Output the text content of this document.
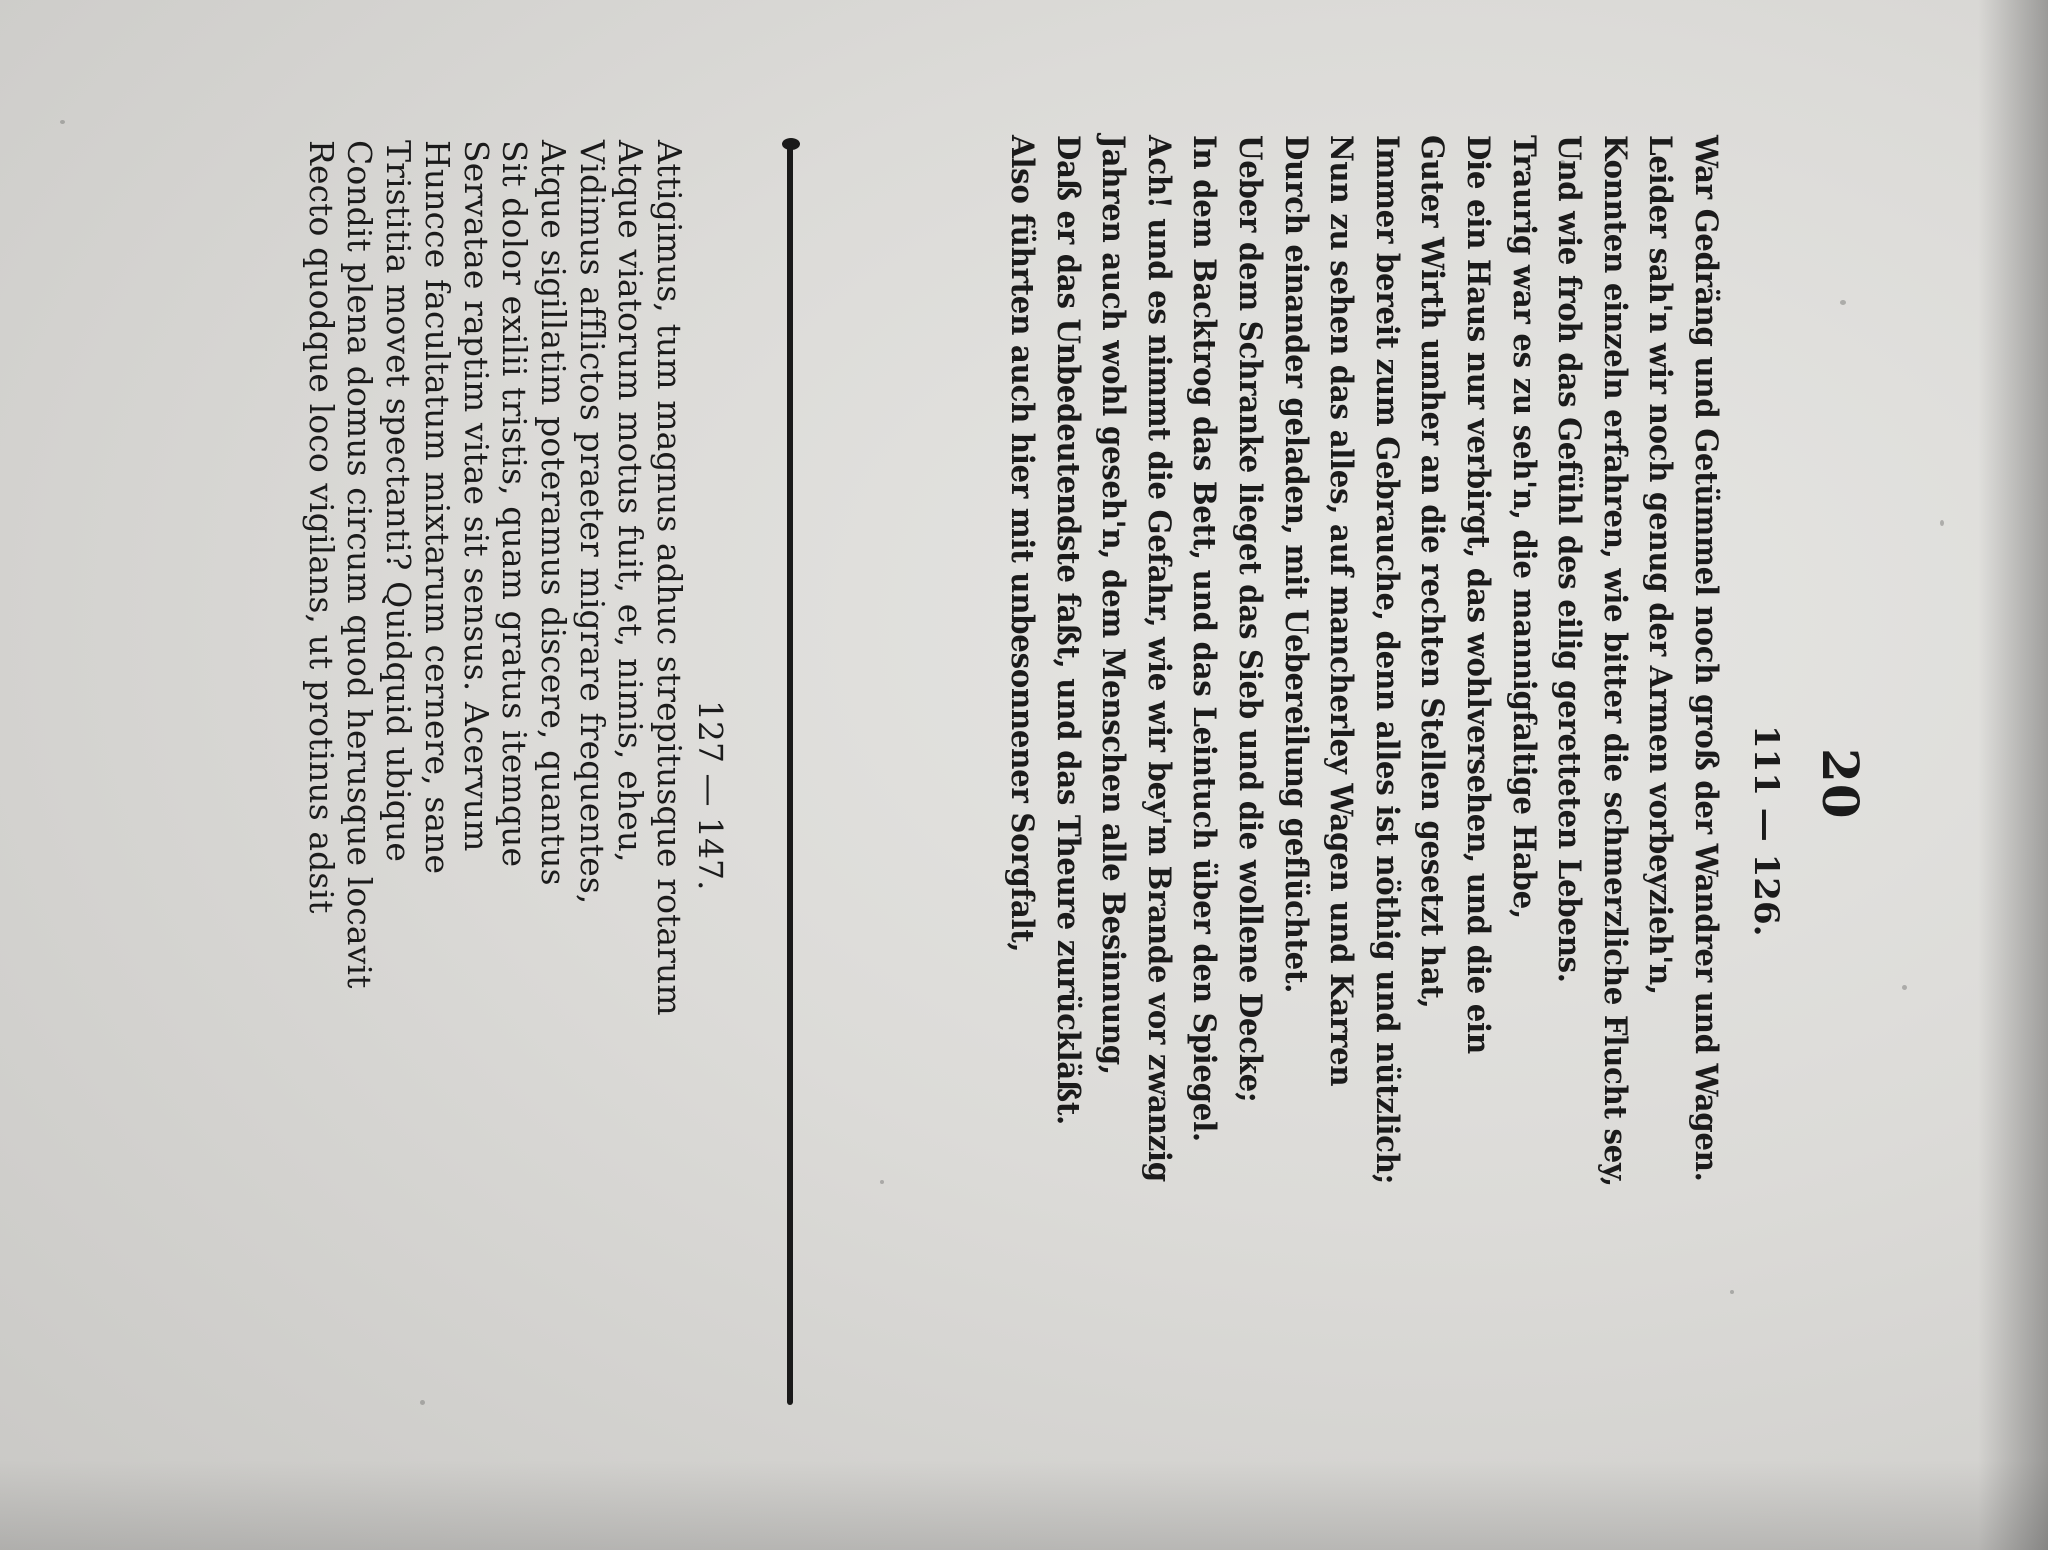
20
111 — 126.
War Gedräng und Getümmel noch groß der Wandrer und Wagen.
Leider sah'n wir noch genug der Armen vorbeyzieh'n,
Konnten einzeln erfahren, wie bitter die schmerzliche Flucht sey,
Und wie froh das Gefühl des eilig geretteten Lebens.
Traurig war es zu seh'n, die mannigfaltige Habe,
Die ein Haus nur verbirgt, das wohlversehen, und die ein
Guter Wirth umher an die rechten Stellen gesetzt hat,
Immer bereit zum Gebrauche, denn alles ist nöthig und nützlich;
Nun zu sehen das alles, auf mancherley Wagen und Karren
Durch einander geladen, mit Uebereilung geflüchtet.
Ueber dem Schranke lieget das Sieb und die wollene Decke;
In dem Backtrog das Bett, und das Leintuch über den Spiegel.
Ach! und es nimmt die Gefahr, wie wir bey'm Brande vor zwanzig
Jahren auch wohl geseh'n, dem Menschen alle Besinnung,
Daß er das Unbedeutendste faßt, und das Theure zurückläßt.
Also führten auch hier mit unbesonnener Sorgfalt,
127 — 147.
Attigimus, tum magnus adhuc strepitusque rotarum
Atque viatorum motus fuit, et, nimis, eheu,
Vidimus afflictos praeter migrare frequentes,
Atque sigillatim poteramus discere, quantus
Sit dolor exilii tristis, quam gratus itemque
Servatae raptim vitae sit sensus. Acervum
Huncce facultatum mixtarum cernere, sane
Tristitia movet spectanti? Quidquid ubique
Condit plena domus circum quod herusque locavit
Recto quodque loco vigilans, ut protinus adsit
